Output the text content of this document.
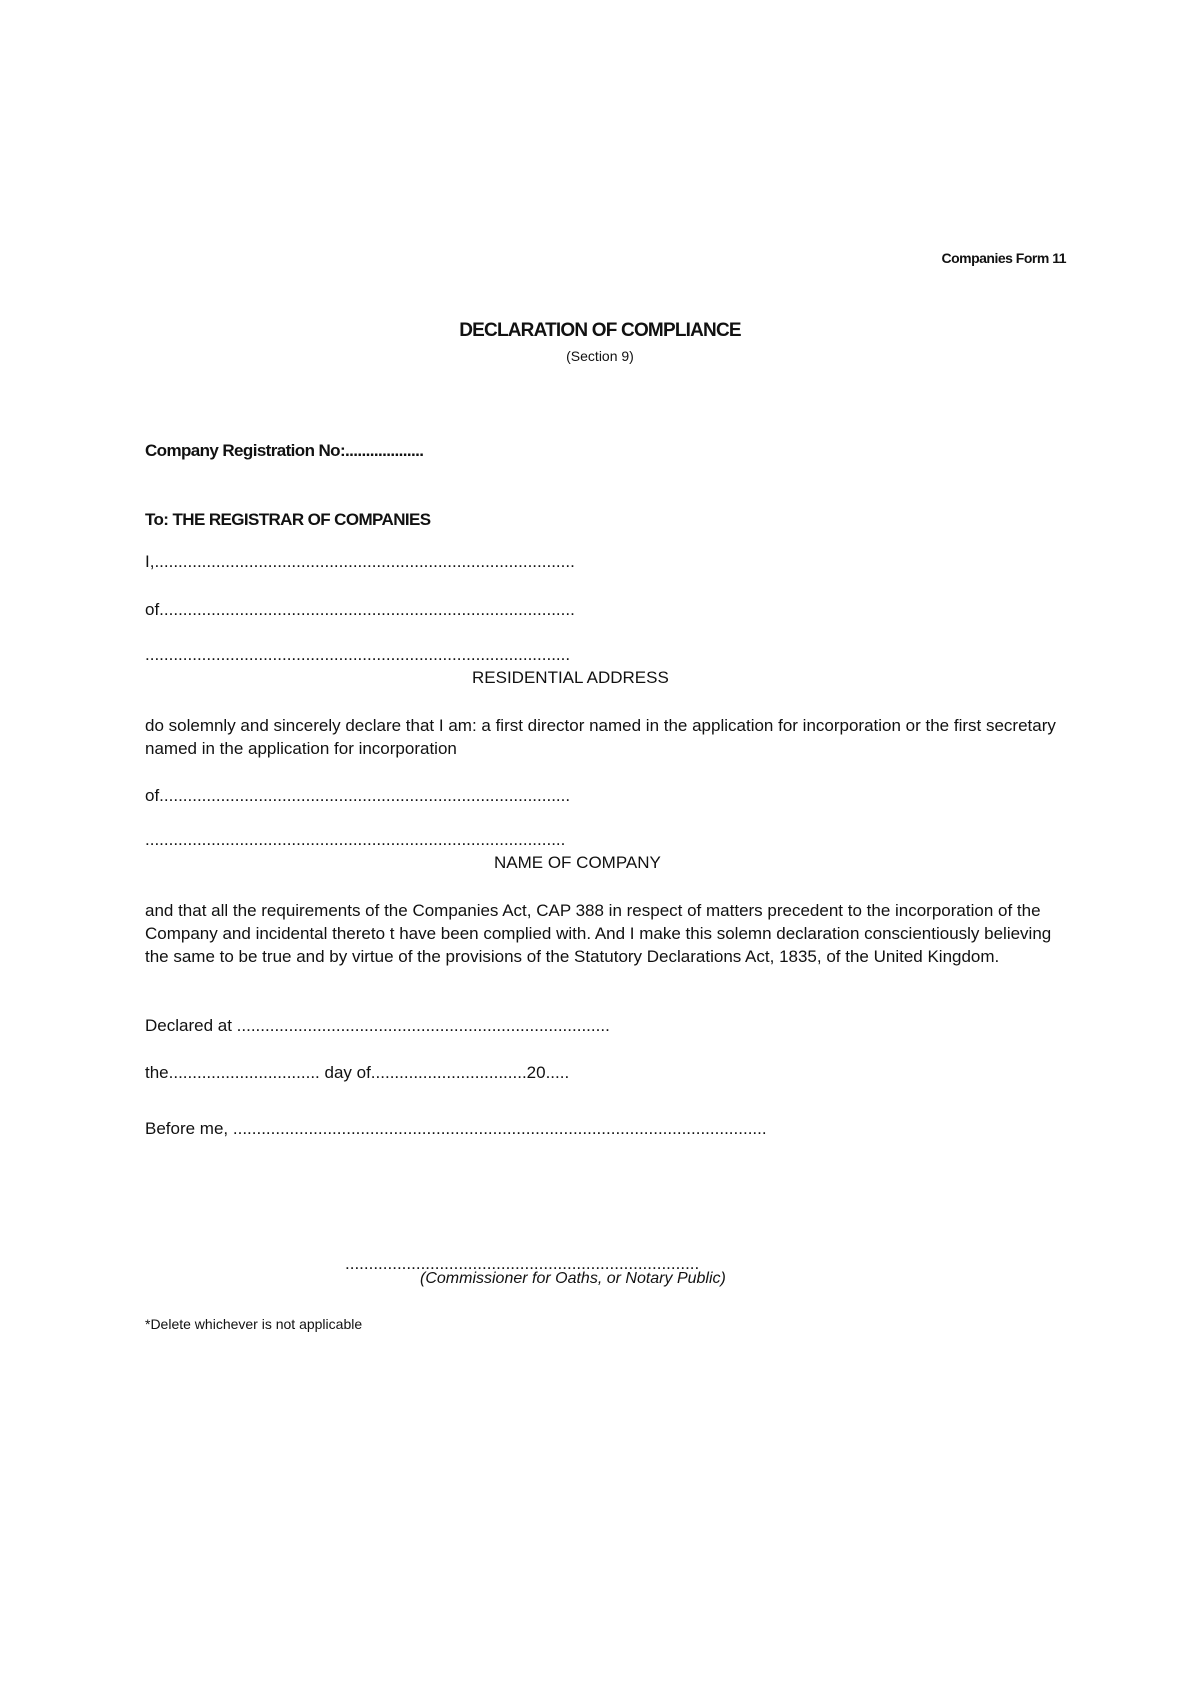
Companies Form 11
DECLARATION OF COMPLIANCE
(Section 9)
Company Registration No:...................
To: THE REGISTRAR OF COMPANIES
I,.........................................................................................
of........................................................................................
..........................................................................................
RESIDENTIAL ADDRESS
do solemnly and sincerely declare that I am: a first director named in the application for incorporation or the first secretary named in the application for incorporation
of.......................................................................................
.........................................................................................
NAME OF COMPANY
and that all the requirements of the Companies Act, CAP 388 in respect of matters precedent to the incorporation of the Company and incidental thereto t have been complied with. And I make this solemn declaration conscientiously believing the same to be true and by virtue of the provisions of the Statutory Declarations Act, 1835, of the United Kingdom.
Declared at ...............................................................................
the................................ day of.................................20.....
Before me, .................................................................................................................
...........................................................................
(Commissioner for Oaths, or Notary Public)
*Delete whichever is not applicable
